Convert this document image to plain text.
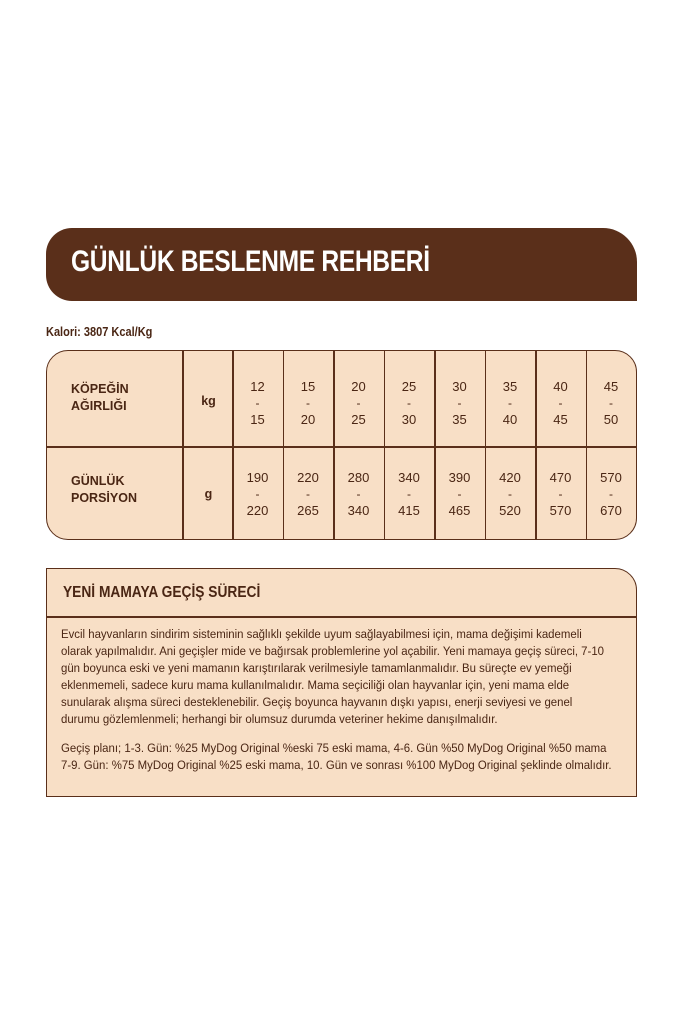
GÜNLÜK BESLENME REHBERİ
Kalori: 3807 Kcal/Kg
KÖPEĞİN
AĞIRLIĞI	kg
GÜNLÜK
PORSİYON	g
12
-
15
15
-
20
20
-
25
25
-
30
30
-
35
35
-
40
40
-
45
45
-
50
190
-
220
220
-
265
280
-
340
340
-
415
390
-
465
420
-
520
470
-
570
570
-
670
YENİ MAMAYA GEÇİŞ SÜRECİ

Evcil hayvanların sindirim sisteminin sağlıklı şekilde uyum sağlayabilmesi için, mama değişimi kademeli olarak yapılmalıdır. Ani geçişler mide ve bağırsak problemlerine yol açabilir. Yeni mamaya geçiş süreci, 7-10 gün boyunca eski ve yeni mamanın karıştırılarak verilmesiyle tamamlanmalıdır. Bu süreçte ev yemeği eklenmemeli, sadece kuru mama kullanılmalıdır. Mama seçiciliği olan hayvanlar için, yeni mama elde sunularak alışma süreci desteklenebilir. Geçiş boyunca hayvanın dışkı yapısı, enerji seviyesi ve genel durumu gözlemlenmeli; herhangi bir olumsuz durumda veteriner hekime danışılmalıdır.

Geçiş planı; 1-3. Gün: %25 MyDog Original %eski 75 eski mama, 4-6. Gün %50 MyDog Original %50 mama 7-9. Gün: %75 MyDog Original %25 eski mama, 10. Gün ve sonrası %100 MyDog Original şeklinde olmalıdır.
